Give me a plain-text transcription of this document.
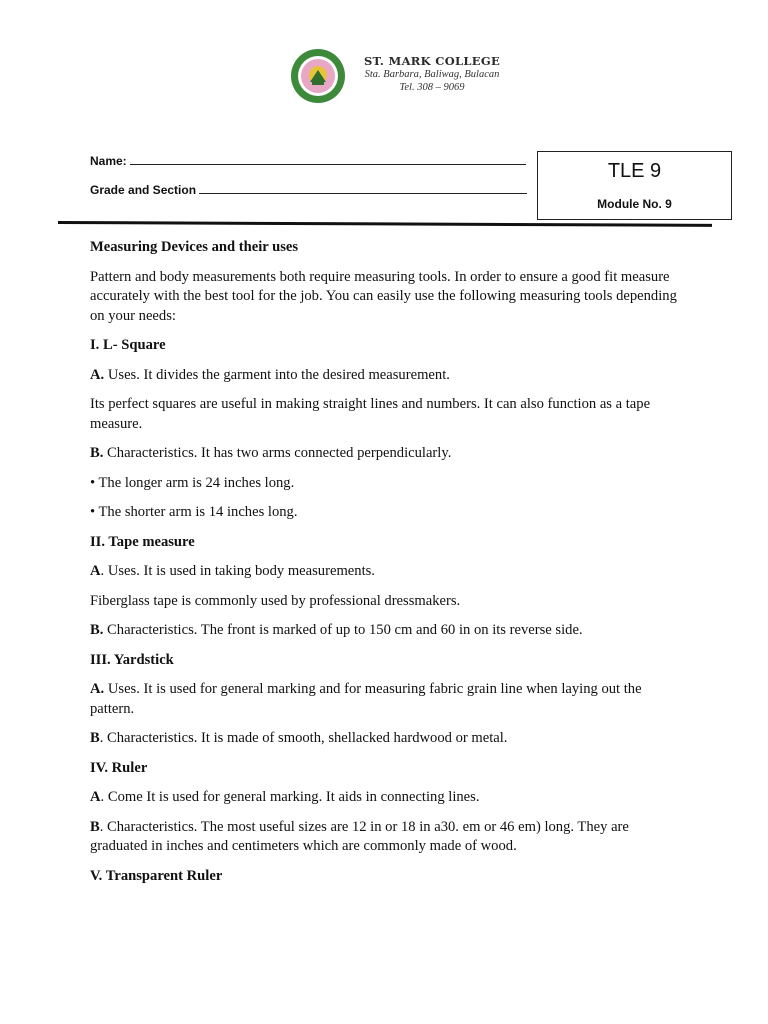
ST. MARK COLLEGE
Sta. Barbara, Baliwag, Bulacan
Tel. 308 – 9069
Name:
Grade and Section
TLE 9
Module No. 9

Measuring Devices and their uses

Pattern and body measurements both require measuring tools. In order to ensure a good fit measure accurately with the best tool for the job. You can easily use the following measuring tools depending on your needs:

I. L- Square

A. Uses. It divides the garment into the desired measurement.

Its perfect squares are useful in making straight lines and numbers. It can also function as a tape measure.

B. Characteristics. It has two arms connected perpendicularly.

• The longer arm is 24 inches long.

• The shorter arm is 14 inches long.

II. Tape measure

A. Uses. It is used in taking body measurements.

Fiberglass tape is commonly used by professional dressmakers.

B. Characteristics. The front is marked of up to 150 cm and 60 in on its reverse side.

III. Yardstick

A. Uses. It is used for general marking and for measuring fabric grain line when laying out the pattern.

B. Characteristics. It is made of smooth, shellacked hardwood or metal.

IV. Ruler

A. Come It is used for general marking. It aids in connecting lines.

B. Characteristics. The most useful sizes are 12 in or 18 in a30. em or 46 em) long. They are graduated in inches and centimeters which are commonly made of wood.

V. Transparent Ruler
